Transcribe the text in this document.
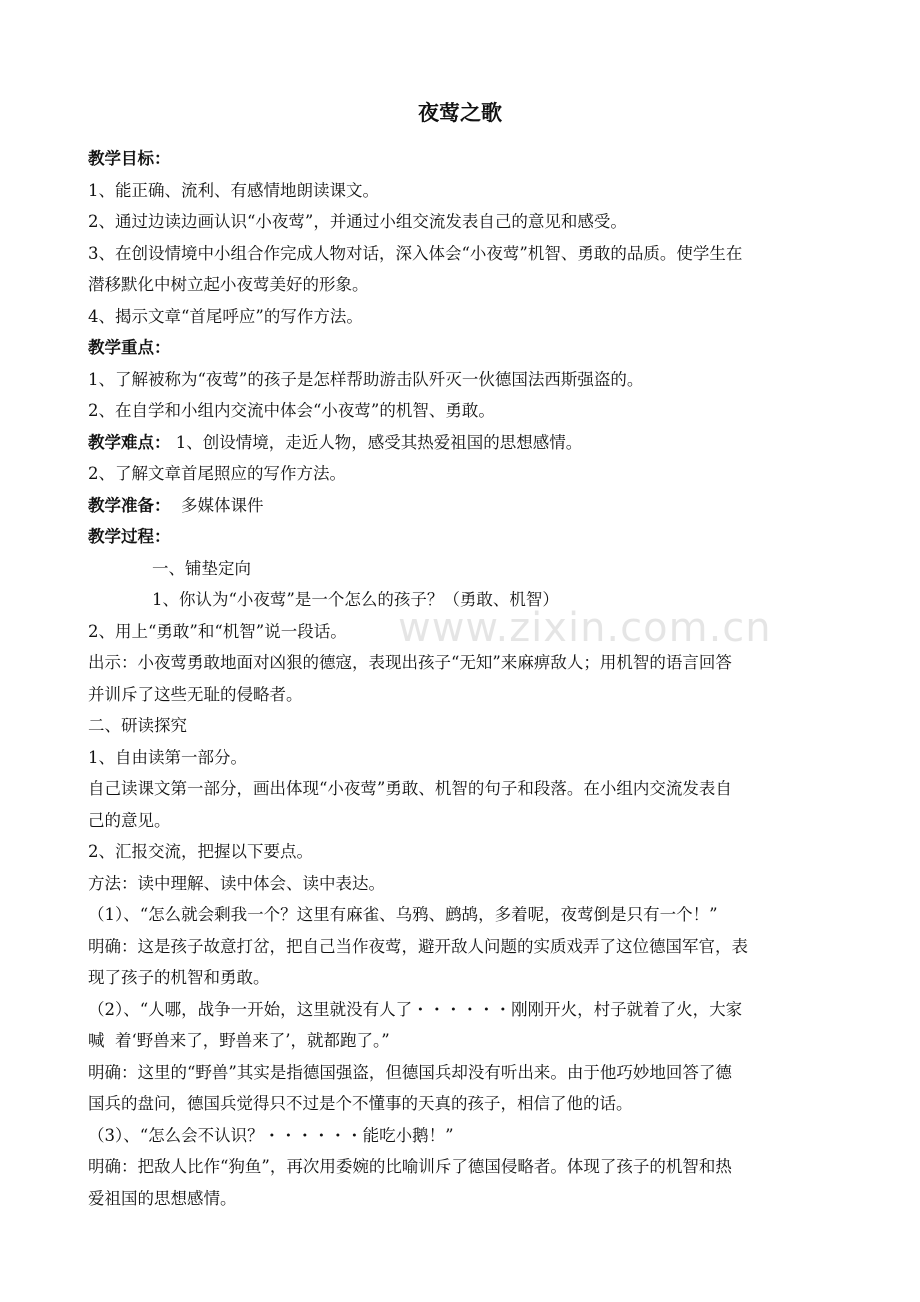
夜莺之歌
教学目标：
1、能正确、流利、有感情地朗读课文。
2、通过边读边画认识“小夜莺”，并通过小组交流发表自己的意见和感受。
3、在创设情境中小组合作完成人物对话，深入体会“小夜莺”机智、勇敢的品质。使学生在
潜移默化中树立起小夜莺美好的形象。
4、揭示文章“首尾呼应”的写作方法。
教学重点：
1、了解被称为“夜莺”的孩子是怎样帮助游击队歼灭一伙德国法西斯强盗的。
2、在自学和小组内交流中体会“小夜莺”的机智、勇敢。
教学难点： 1、创设情境，走近人物，感受其热爱祖国的思想感情。
2、了解文章首尾照应的写作方法。
教学准备：  多媒体课件
教学过程：
一、铺垫定向
1、你认为“小夜莺”是一个怎么的孩子？（勇敢、机智）
2、用上“勇敢”和“机智”说一段话。
出示：小夜莺勇敢地面对凶狠的德寇，表现出孩子“无知”来麻痹敌人；用机智的语言回答
并训斥了这些无耻的侵略者。
二、研读探究
1、自由读第一部分。
自己读课文第一部分，画出体现“小夜莺”勇敢、机智的句子和段落。在小组内交流发表自
己的意见。
2、汇报交流，把握以下要点。
方法：读中理解、读中体会、读中表达。
（1）、“怎么就会剩我一个？这里有麻雀、乌鸦、鹧鸪，多着呢，夜莺倒是只有一个！”
明确：这是孩子故意打岔，把自己当作夜莺，避开敌人问题的实质戏弄了这位德国军官，表
现了孩子的机智和勇敢。
（2）、“人哪，战争一开始，这里就没有人了・・・・・・刚刚开火，村子就着了火，大家
喊  着‘野兽来了，野兽来了’，就都跑了。”
明确：这里的“野兽”其实是指德国强盗，但德国兵却没有听出来。由于他巧妙地回答了德
国兵的盘问，德国兵觉得只不过是个不懂事的天真的孩子，相信了他的话。
（3）、“怎么会不认识？・・・・・・能吃小鹅！”
明确：把敌人比作“狗鱼”，再次用委婉的比喻训斥了德国侵略者。体现了孩子的机智和热
爱祖国的思想感情。
www.zixin.com.cn
